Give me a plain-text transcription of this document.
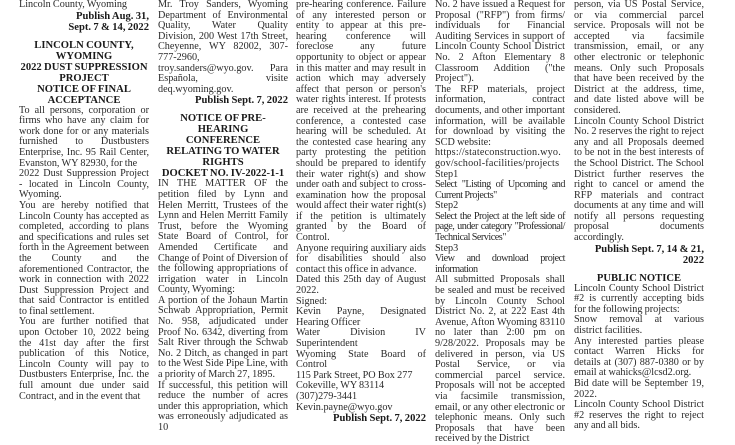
Lincoln County, Wyoming

Publish Aug. 31,
Sept. 7 & 14, 2022
LINCOLN COUNTY,
WYOMING
2022 DUST SUPPRESSION
PROJECT
NOTICE OF FINAL
ACCEPTANCE

To all persons, corporation or firms who have any claim for work done for or any materials furnished to Dustbusters Enterprise, Inc. 95 Rail Center, Evanston, WY 82930, for the

2022 Dust Suppression Project - located in Lincoln County, Wyoming.

You are hereby notified that Lincoln County has accepted as completed, according to plans and specifications and rules set forth in the Agreement between the County and the aforementioned Contractor, the work in connection with 2022 Dust Suppression Project and that said Contractor is entitled to final settlement.

You are further notified that upon October 10, 2022 being the 41st day after the first publication of this Notice, Lincoln County will pay to Dustbusters Enterprise, Inc. the full amount due under said Contract, and in the event that

Mr. Troy Sanders, Wyoming Department of Environmental Quality, Water Quality Division, 200 West 17th Street, Cheyenne, WY 82002, 307-777-2960, troy.sanders@wyo.gov. Para Española, visite deq.wyoming.gov.

Publish Sept. 7, 2022
NOTICE OF PRE-HEARING
CONFERENCE
RELATING TO WATER
RIGHTS
DOCKET NO. IV-2022-1-1

IN THE MATTER OF the petition filed by Lynn and Helen Merritt, Trustees of the Lynn and Helen Merritt Family Trust, before the Wyoming State Board of Control, for Amended Certificate and Change of Point of Diversion of the following appropriations of irrigation water in Lincoln County, Wyoming:

A portion of the Johaun Martin Schwab Appropriation, Permit No. 958, adjudicated under Proof No. 6342, diverting from Salt River through the Schwab No. 2 Ditch, as changed in part to the West Side Pipe Line, with a priority of March 27, 1895.

If successful, this petition will reduce the number of acres under this appropriation, which was erroneously adjudicated as 10

pre-hearing conference. Failure of any interested person or entity to appear at this pre-hearing conference will foreclose any future opportunity to object or appear in this matter and may result in action which may adversely affect that person or person's water rights interest. If protests are received at the prehearing conference, a contested case hearing will be scheduled. At the contested case hearing any party protesting the petition should be prepared to identify their water right(s) and show under oath and subject to cross-examination how the proposal would affect their water right(s) if the petition is ultimately granted by the Board of Control.

Anyone requiring auxiliary aids for disabilities should also contact this office in advance.

Dated this 25th day of August 2022.

Signed:

Kevin Payne, Designated Hearing Officer

Water Division IV Superintendent

Wyoming State Board of Control

115 Park Street, PO Box 277

Cokeville, WY 83114

(307)279-3441

Kevin.payne@wyo.gov

Publish Sept. 7, 2022

No. 2 have issued a Request for Proposal ("RFP") from firms/ individuals for Financial Auditing Services in support of Lincoln County School District No. 2 Afton Elementary 8 Classroom Addition ("the Project").

The RFP materials, project information, contract documents, and other important information, will be available for download by visiting the SCD website:

https://stateconstruction.wyo.gov/school-facilities/projects

Step1

Select "Listing of Upcoming and Current Projects"

Step2

Select the Project at the left side of page, under category "Professional/ Technical Services"

Step3

View and download project information

All submitted Proposals shall be sealed and must be received by Lincoln County School District No. 2, at 222 East 4th Avenue, Afton Wyoming 83110 no later than 2:00 pm on 9/28/2022. Proposals may be delivered in person, via US Postal Service, or via commercial parcel service. Proposals will not be accepted via facsimile transmission, email, or any other electronic or telephonic means. Only such Proposals that have been received by the District

person, via US Postal Service, or via commercial parcel service. Proposals will not be accepted via facsimile transmission, email, or any other electronic or telephonic means. Only such Proposals that have been received by the District at the address, time, and date listed above will be considered.

Lincoln County School District No. 2 reserves the right to reject any and all Proposals deemed to be not in the best interests of the School District. The School District further reserves the right to cancel or amend the RFP materials and contract documents at any time and will notify all persons requesting proposal documents accordingly.

Publish Sept. 7, 14 & 21, 2022
PUBLIC NOTICE

Lincoln County School District #2 is currently accepting bids for the following projects:

Snow removal at various district facilities.

Any interested parties please contact Warren Hicks for details at (307) 887-0380 or by email at wahicks@lcsd2.org.

Bid date will be September 19, 2022.

Lincoln County School District #2 reserves the right to reject any and all bids.
